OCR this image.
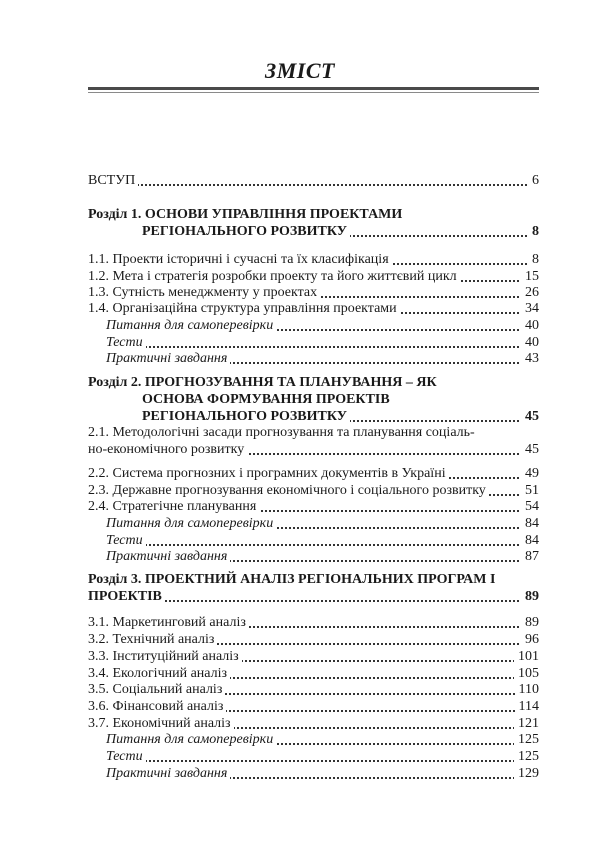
ЗМІСТ
ВСТУП	6
Розділ 1. ОСНОВИ УПРАВЛІННЯ ПРОЕКТАМИ
РЕГІОНАЛЬНОГО РОЗВИТКУ	8
1.1. Проекти історичні і сучасні та їх класифікація	8
1.2. Мета і стратегія розробки проекту та його життєвий цикл	15
1.3. Сутність менеджменту у проектах	26
1.4. Організаційна структура управління проектами	34
Питання для самоперевірки	40
Тести	40
Практичні завдання	43
Розділ 2. ПРОГНОЗУВАННЯ ТА ПЛАНУВАННЯ – ЯК
ОСНОВА ФОРМУВАННЯ ПРОЕКТІВ
РЕГІОНАЛЬНОГО РОЗВИТКУ	45
2.1. Методологічні засади прогнозування та планування соціаль-
но-економічного розвитку	45
2.2. Система прогнозних і програмних документів в Україні	49
2.3. Державне прогнозування економічного і соціального розвитку	51
2.4. Стратегічне планування	54
Питання для самоперевірки	84
Тести	84
Практичні завдання	87
Розділ 3. ПРОЕКТНИЙ АНАЛІЗ РЕГІОНАЛЬНИХ ПРОГРАМ І
ПРОЕКТІВ	89
3.1. Маркетинговий аналіз	89
3.2. Технічний аналіз	96
3.3. Інституційний аналіз	101
3.4. Екологічний аналіз	105
3.5. Соціальний аналіз	110
3.6. Фінансовий аналіз	114
3.7. Економічний аналіз	121
Питання для самоперевірки	125
Тести	125
Практичні завдання	129
